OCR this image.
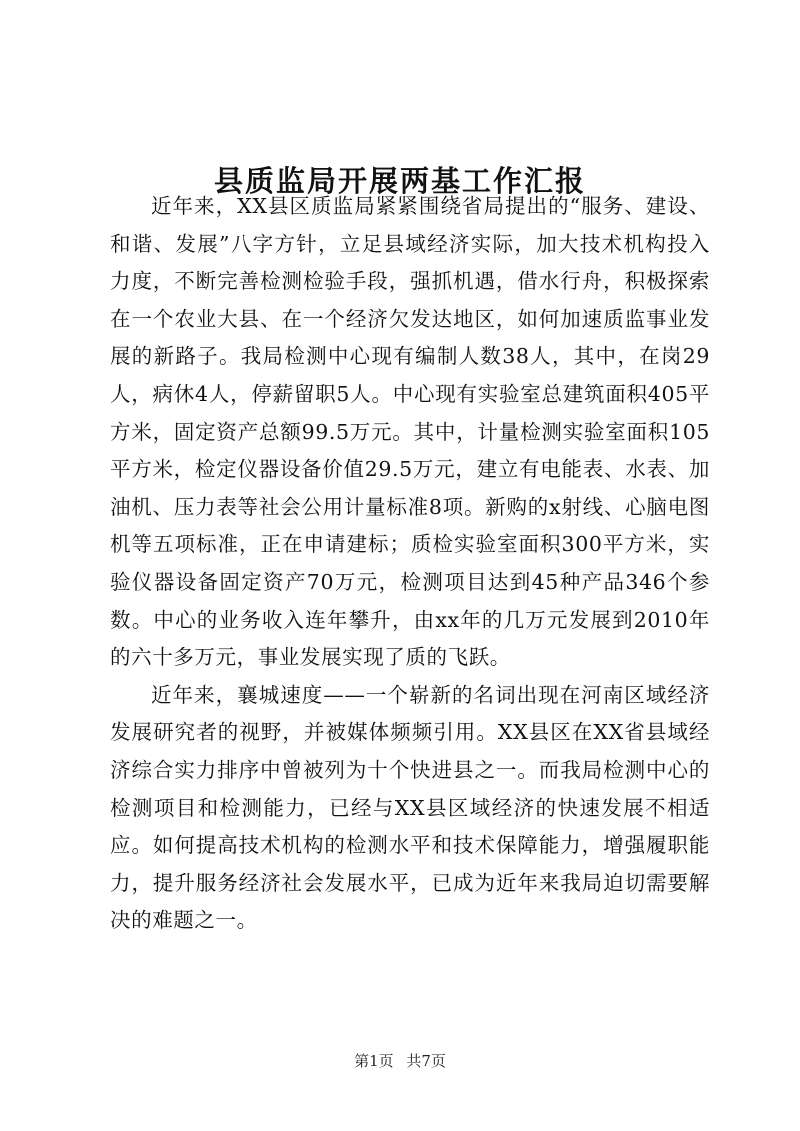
县质监局开展两基工作汇报

近年来，XX县区质监局紧紧围绕省局提出的“服务、建设、和谐、发展”八字方针，立足县域经济实际，加大技术机构投入力度，不断完善检测检验手段，强抓机遇，借水行舟，积极探索在一个农业大县、在一个经济欠发达地区，如何加速质监事业发展的新路子。我局检测中心现有编制人数38人，其中，在岗29人，病休4人，停薪留职5人。中心现有实验室总建筑面积405平方米，固定资产总额99.5万元。其中，计量检测实验室面积105平方米，检定仪器设备价值29.5万元，建立有电能表、水表、加油机、压力表等社会公用计量标准8项。新购的x射线、心脑电图机等五项标准，正在申请建标；质检实验室面积300平方米，实验仪器设备固定资产70万元，检测项目达到45种产品346个参数。中心的业务收入连年攀升，由xx年的几万元发展到2010年的六十多万元，事业发展实现了质的飞跃。

近年来，襄城速度——一个崭新的名词出现在河南区域经济发展研究者的视野，并被媒体频频引用。XX县区在XX省县域经济综合实力排序中曾被列为十个快进县之一。而我局检测中心的检测项目和检测能力，已经与XX县区域经济的快速发展不相适应。如何提高技术机构的检测水平和技术保障能力，增强履职能力，提升服务经济社会发展水平，已成为近年来我局迫切需要解决的难题之一。

第1页 共7页
